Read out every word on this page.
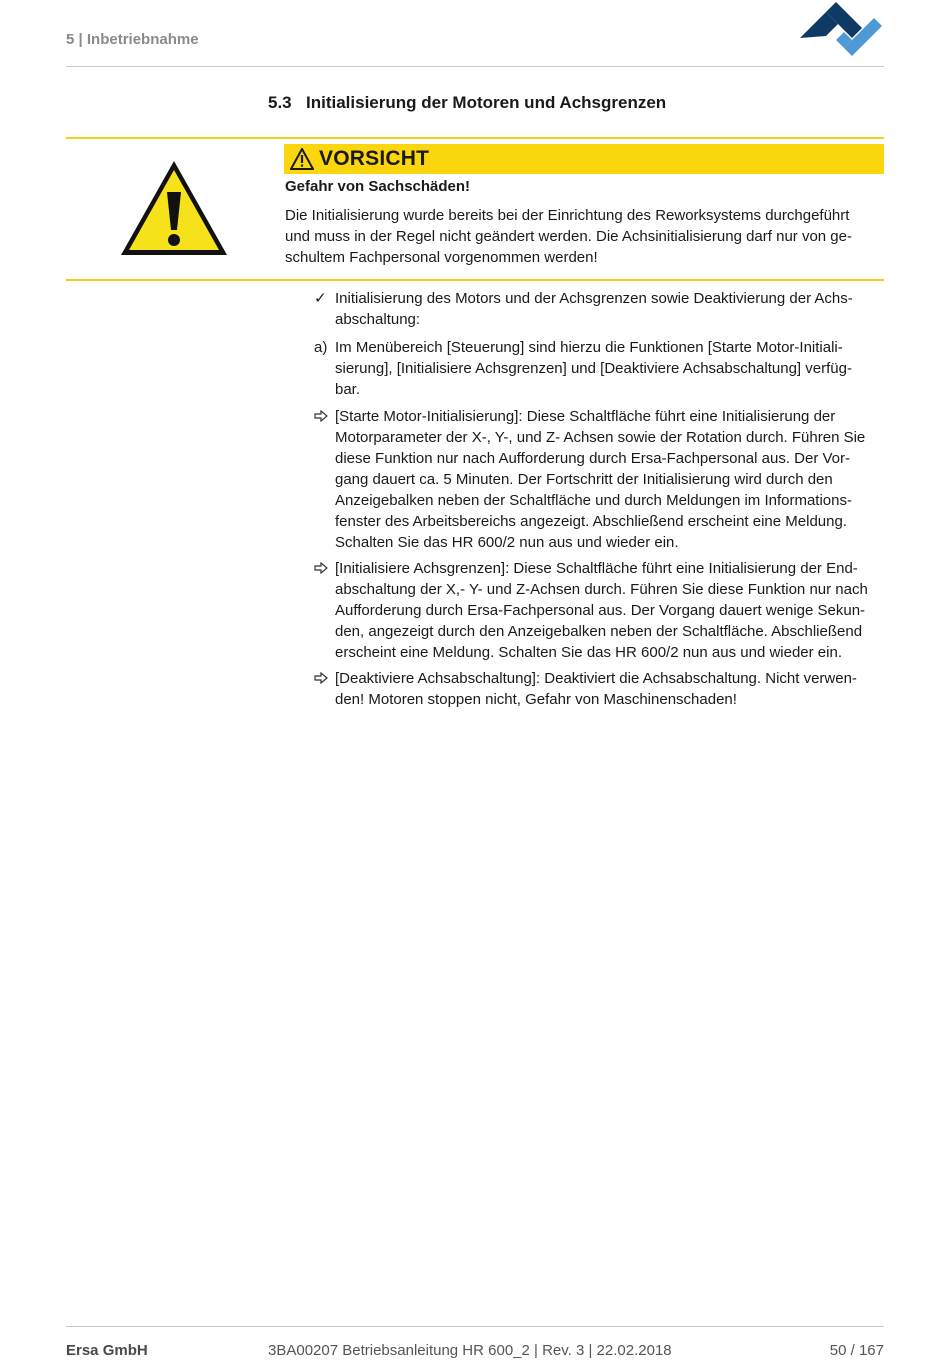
5 | Inbetriebnahme
5.3 Initialisierung der Motoren und Achsgrenzen
VORSICHT
Gefahr von Sachschäden!
Die Initialisierung wurde bereits bei der Einrichtung des Reworksystems durchgeführt
und muss in der Regel nicht geändert werden. Die Achsinitialisierung darf nur von ge-
schultem Fachpersonal vorgenommen werden!
✓ Initialisierung des Motors und der Achsgrenzen sowie Deaktivierung der Achs-
abschaltung:
a) Im Menübereich [Steuerung] sind hierzu die Funktionen [Starte Motor-Initiali-
sierung], [Initialisiere Achsgrenzen] und [Deaktiviere Achsabschaltung] verfüg-
bar.
[Starte Motor-Initialisierung]: Diese Schaltfläche führt eine Initialisierung der
Motorparameter der X-, Y-, und Z- Achsen sowie der Rotation durch. Führen Sie
diese Funktion nur nach Aufforderung durch Ersa-Fachpersonal aus. Der Vor-
gang dauert ca. 5 Minuten. Der Fortschritt der Initialisierung wird durch den
Anzeigebalken neben der Schaltfläche und durch Meldungen im Informations-
fenster des Arbeitsbereichs angezeigt. Abschließend erscheint eine Meldung.
Schalten Sie das HR 600/2 nun aus und wieder ein.
[Initialisiere Achsgrenzen]: Diese Schaltfläche führt eine Initialisierung der End-
abschaltung der X,- Y- und Z-Achsen durch. Führen Sie diese Funktion nur nach
Aufforderung durch Ersa-Fachpersonal aus. Der Vorgang dauert wenige Sekun-
den, angezeigt durch den Anzeigebalken neben der Schaltfläche. Abschließend
erscheint eine Meldung. Schalten Sie das HR 600/2 nun aus und wieder ein.
[Deaktiviere Achsabschaltung]: Deaktiviert die Achsabschaltung. Nicht verwen-
den! Motoren stoppen nicht, Gefahr von Maschinenschaden!
Ersa GmbH	3BA00207 Betriebsanleitung HR 600_2 | Rev. 3 | 22.02.2018	50 / 167
